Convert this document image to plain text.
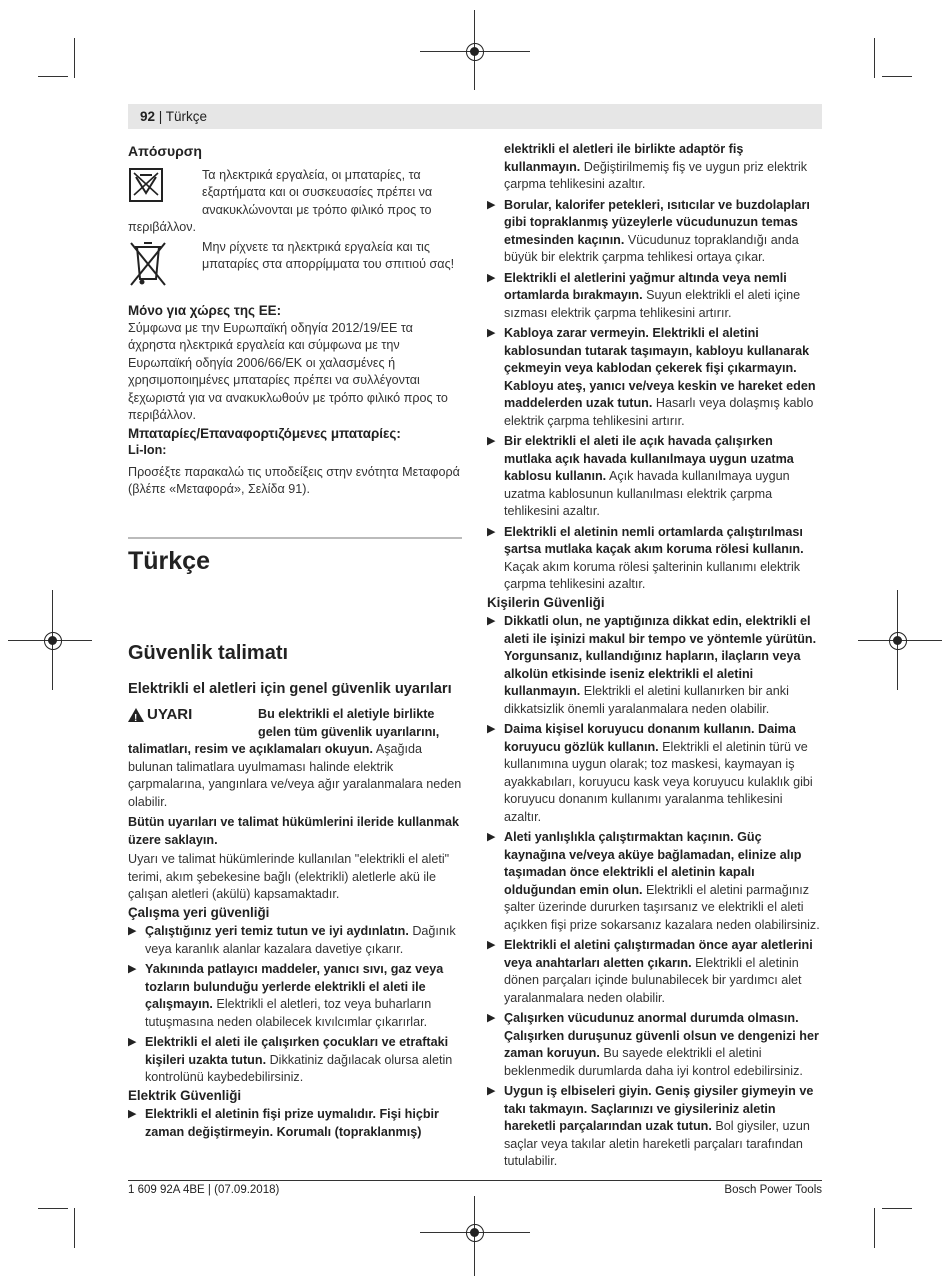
92 | Türkçe

Απόσυρση

Τα ηλεκτρικά εργαλεία, οι μπαταρίες, τα εξαρτήματα και οι συσκευασίες πρέπει να ανακυκλώνονται με τρόπο φιλικό προς το

περιβάλλον.

Μην ρίχνετε τα ηλεκτρικά εργαλεία και τις μπαταρίες στα απορρίμματα του σπιτιού σας!

Μόνο για χώρες της ΕΕ:

Σύμφωνα με την Ευρωπαϊκή οδηγία 2012/19/ΕΕ τα άχρηστα ηλεκτρικά εργαλεία και σύμφωνα με την Ευρωπαϊκή οδηγία 2006/66/ΕΚ οι χαλασμένες ή χρησιμοποιημένες μπαταρίες πρέπει να συλλέγονται ξεχωριστά για να ανακυκλωθούν με τρόπο φιλικό προς το περιβάλλον.

Μπαταρίες/Επαναφορτιζόμενες μπαταρίες:

Li-Ion:

Προσέξτε παρακαλώ τις υποδείξεις στην ενότητα Μεταφορά (βλέπε «Μεταφορά», Σελίδα 91).

Türkçe
Güvenlik talimatı
Elektrikli el aletleri için genel güvenlik uyarıları
! UYARI	Bu elektrikli el aletiyle birlikte gelen tüm güvenlik uyarılarını,

talimatları, resim ve açıklamaları okuyun. Aşağıda bulunan talimatlara uyulmaması halinde elektrik çarpmalarına, yangınlara ve/veya ağır yaralanmalara neden olabilir.

Bütün uyarıları ve talimat hükümlerini ileride kullanmak üzere saklayın.

Uyarı ve talimat hükümlerinde kullanılan "elektrikli el aleti" terimi, akım şebekesine bağlı (elektrikli) aletlerle akü ile çalışan aletleri (akülü) kapsamaktadır.

Çalışma yeri güvenliği

▶ Çalıştığınız yeri temiz tutun ve iyi aydınlatın. Dağınık veya karanlık alanlar kazalara davetiye çıkarır.

▶ Yakınında patlayıcı maddeler, yanıcı sıvı, gaz veya tozların bulunduğu yerlerde elektrikli el aleti ile çalışmayın. Elektrikli el aletleri, toz veya buharların tutuşmasına neden olabilecek kıvılcımlar çıkarırlar.

▶ Elektrikli el aleti ile çalışırken çocukları ve etraftaki kişileri uzakta tutun. Dikkatiniz dağılacak olursa aletin kontrolünü kaybedebilirsiniz.

Elektrik Güvenliği

▶ Elektrikli el aletinin fişi prize uymalıdır. Fişi hiçbir zaman değiştirmeyin. Korumalı (topraklanmış)

elektrikli el aletleri ile birlikte adaptör fiş kullanmayın. Değiştirilmemiş fiş ve uygun priz elektrik çarpma tehlikesini azaltır.

▶ Borular, kalorifer petekleri, ısıtıcılar ve buzdolapları gibi topraklanmış yüzeylerle vücudunuzun temas etmesinden kaçının. Vücudunuz topraklandığı anda büyük bir elektrik çarpma tehlikesi ortaya çıkar.

▶ Elektrikli el aletlerini yağmur altında veya nemli ortamlarda bırakmayın. Suyun elektrikli el aleti içine sızması elektrik çarpma tehlikesini artırır.

▶ Kabloya zarar vermeyin. Elektrikli el aletini kablosundan tutarak taşımayın, kabloyu kullanarak çekmeyin veya kablodan çekerek fişi çıkarmayın. Kabloyu ateş, yanıcı ve/veya keskin ve hareket eden maddelerden uzak tutun. Hasarlı veya dolaşmış kablo elektrik çarpma tehlikesini artırır.

▶ Bir elektrikli el aleti ile açık havada çalışırken mutlaka açık havada kullanılmaya uygun uzatma kablosu kullanın. Açık havada kullanılmaya uygun uzatma kablosunun kullanılması elektrik çarpma tehlikesini azaltır.

▶ Elektrikli el aletinin nemli ortamlarda çalıştırılması şartsa mutlaka kaçak akım koruma rölesi kullanın. Kaçak akım koruma rölesi şalterinin kullanımı elektrik çarpma tehlikesini azaltır.

Kişilerin Güvenliği

▶ Dikkatli olun, ne yaptığınıza dikkat edin, elektrikli el aleti ile işinizi makul bir tempo ve yöntemle yürütün. Yorgunsanız, kullandığınız hapların, ilaçların veya alkolün etkisinde iseniz elektrikli el aletini kullanmayın. Elektrikli el aletini kullanırken bir anki dikkatsizlik önemli yaralanmalara neden olabilir.

▶ Daima kişisel koruyucu donanım kullanın. Daima koruyucu gözlük kullanın. Elektrikli el aletinin türü ve kullanımına uygun olarak; toz maskesi, kaymayan iş ayakkabıları, koruyucu kask veya koruyucu kulaklık gibi koruyucu donanım kullanımı yaralanma tehlikesini azaltır.

▶ Aleti yanlışlıkla çalıştırmaktan kaçının. Güç kaynağına ve/veya aküye bağlamadan, elinize alıp taşımadan önce elektrikli el aletinin kapalı olduğundan emin olun. Elektrikli el aletini parmağınız şalter üzerinde dururken taşırsanız ve elektrikli el aleti açıkken fişi prize sokarsanız kazalara neden olabilirsiniz.

▶ Elektrikli el aletini çalıştırmadan önce ayar aletlerini veya anahtarları aletten çıkarın. Elektrikli el aletinin dönen parçaları içinde bulunabilecek bir yardımcı alet yaralanmalara neden olabilir.

▶ Çalışırken vücudunuz anormal durumda olmasın. Çalışırken duruşunuz güvenli olsun ve dengenizi her zaman koruyun. Bu sayede elektrikli el aletini beklenmedik durumlarda daha iyi kontrol edebilirsiniz.

▶ Uygun iş elbiseleri giyin. Geniş giysiler giymeyin ve takı takmayın. Saçlarınızı ve giysileriniz aletin hareketli parçalarından uzak tutun. Bol giysiler, uzun saçlar veya takılar aletin hareketli parçaları tarafından tutulabilir.

1 609 92A 4BE | (07.09.2018)	Bosch Power Tools
